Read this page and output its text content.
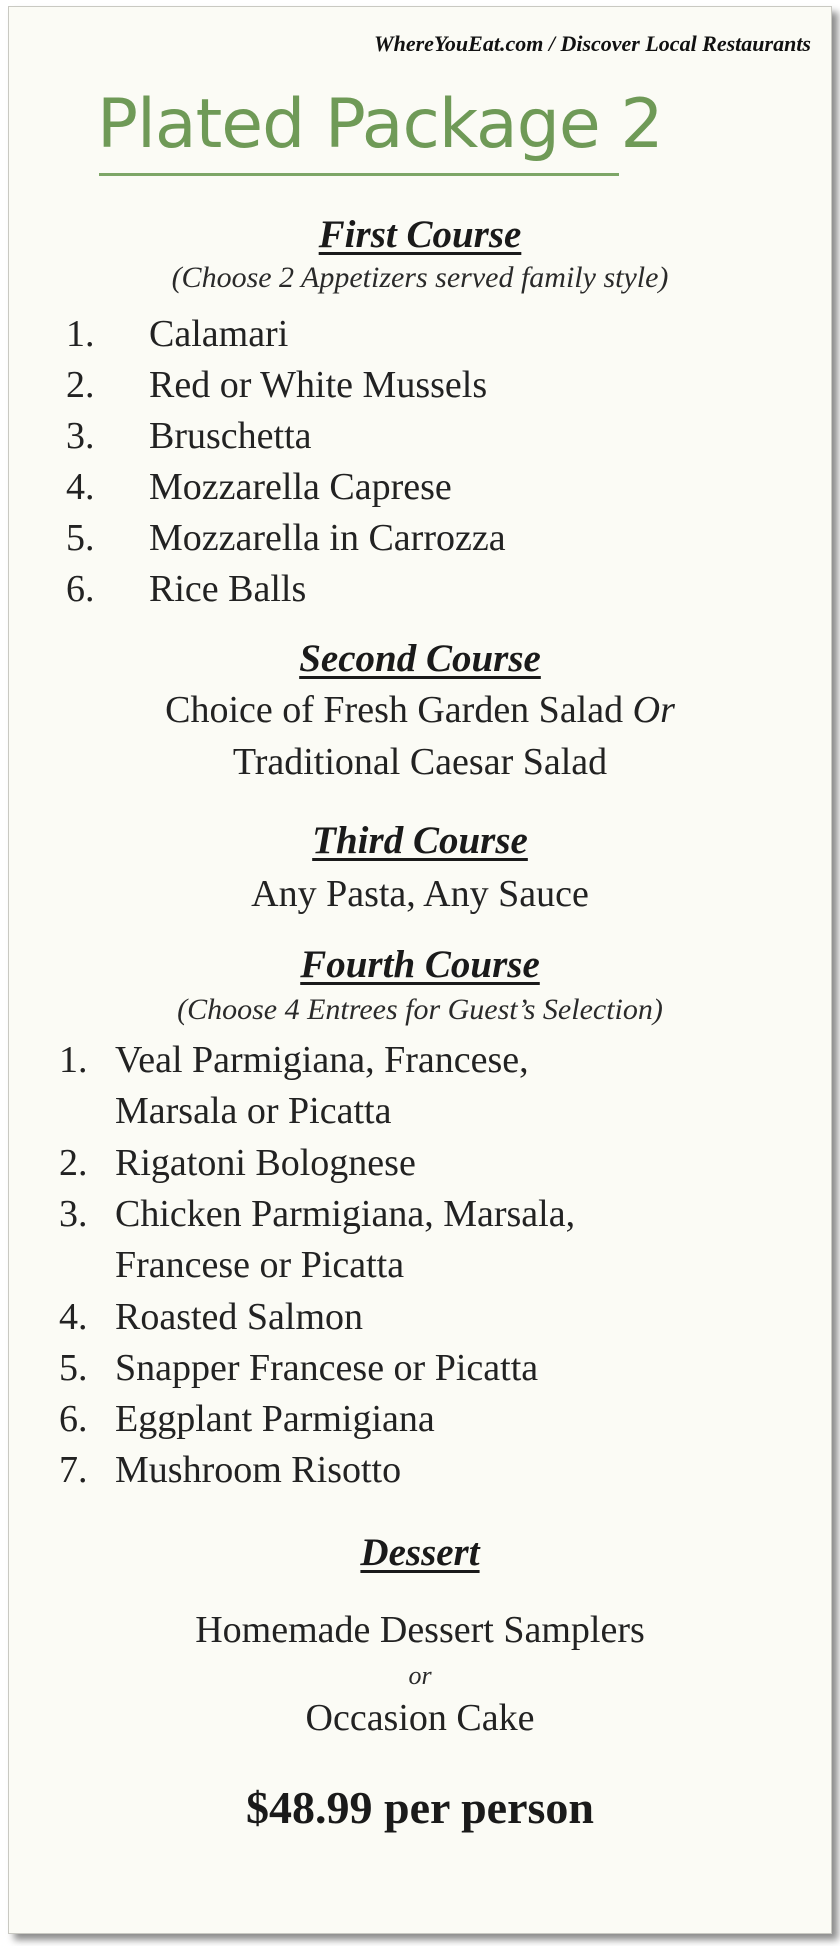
WhereYouEat.com / Discover Local Restaurants
Plated Package 2
First Course
(Choose 2 Appetizers served family style)
1. Calamari
2. Red or White Mussels
3. Bruschetta
4. Mozzarella Caprese
5. Mozzarella in Carrozza
6. Rice Balls
Second Course
Choice of Fresh Garden Salad Or
Traditional Caesar Salad
Third Course
Any Pasta, Any Sauce
Fourth Course
(Choose 4 Entrees for Guest’s Selection)
1. Veal Parmigiana, Francese,
Marsala or Picatta
2. Rigatoni Bolognese
3. Chicken Parmigiana, Marsala,
Francese or Picatta
4. Roasted Salmon
5. Snapper Francese or Picatta
6. Eggplant Parmigiana
7. Mushroom Risotto
Dessert
Homemade Dessert Samplers
or
Occasion Cake
$48.99 per person
